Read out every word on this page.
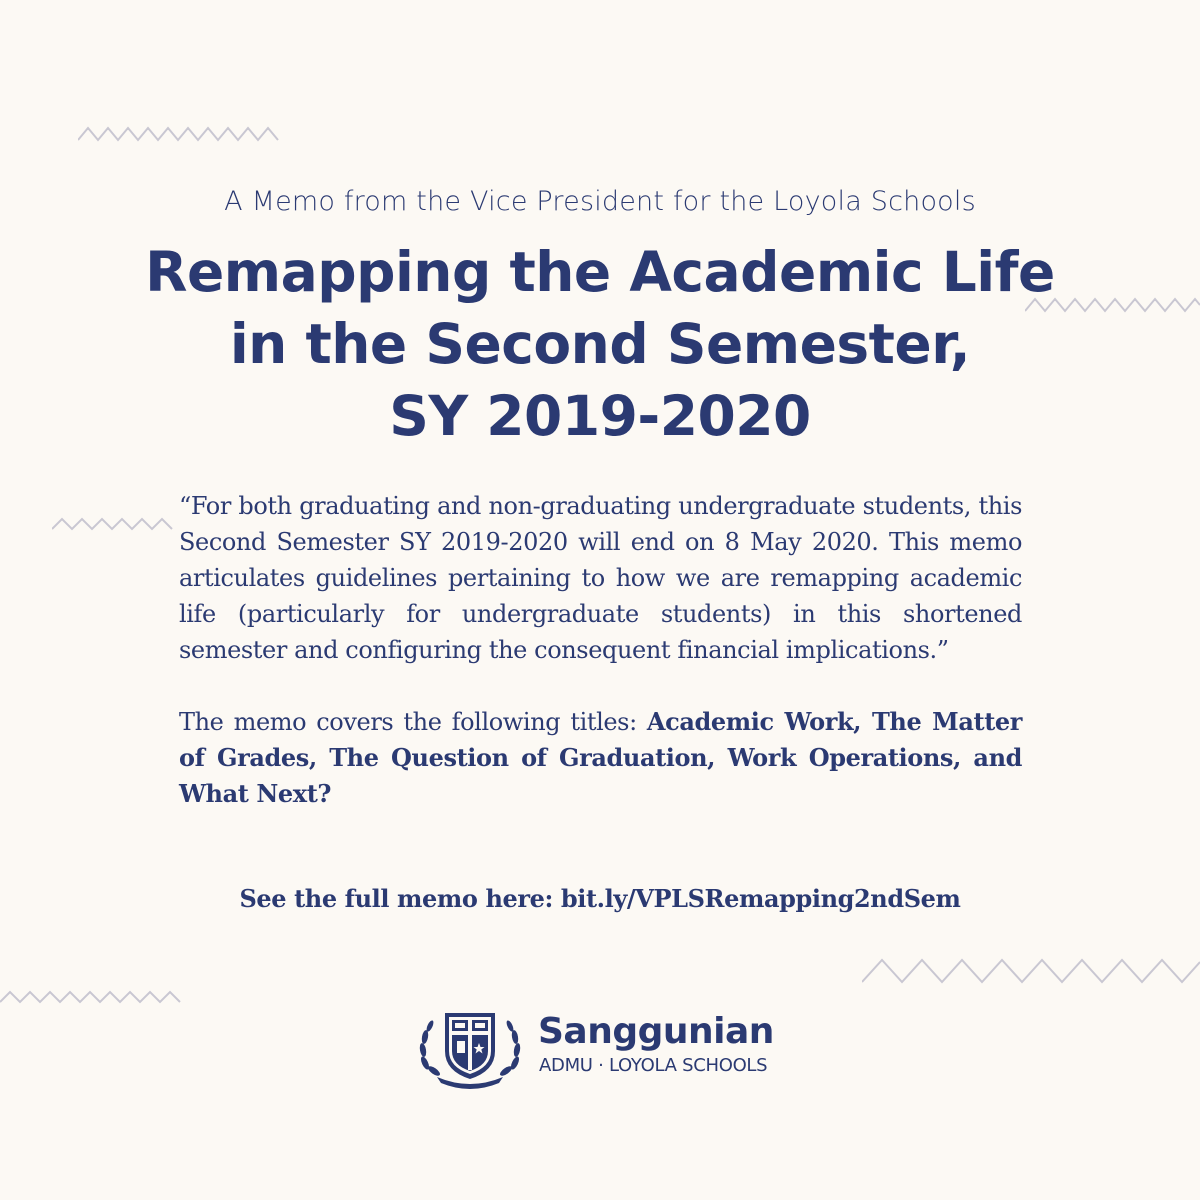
A Memo from the Vice President for the Loyola Schools

Remapping the Academic Life
in the Second Semester,
SY 2019-2020

“For both graduating and non-graduating undergraduate students, this Second Semester SY 2019-2020 will end on 8 May 2020. This memo articulates guidelines pertaining to how we are remapping academic life (particularly for undergraduate students) in this shortened semester and configuring the consequent financial implications.”

The memo covers the following titles: Academic Work, The Matter of Grades, The Question of Graduation, Work Operations, and What Next?

See the full memo here: bit.ly/VPLSRemapping2ndSem

Sanggunian
ADMU · LOYOLA SCHOOLS
